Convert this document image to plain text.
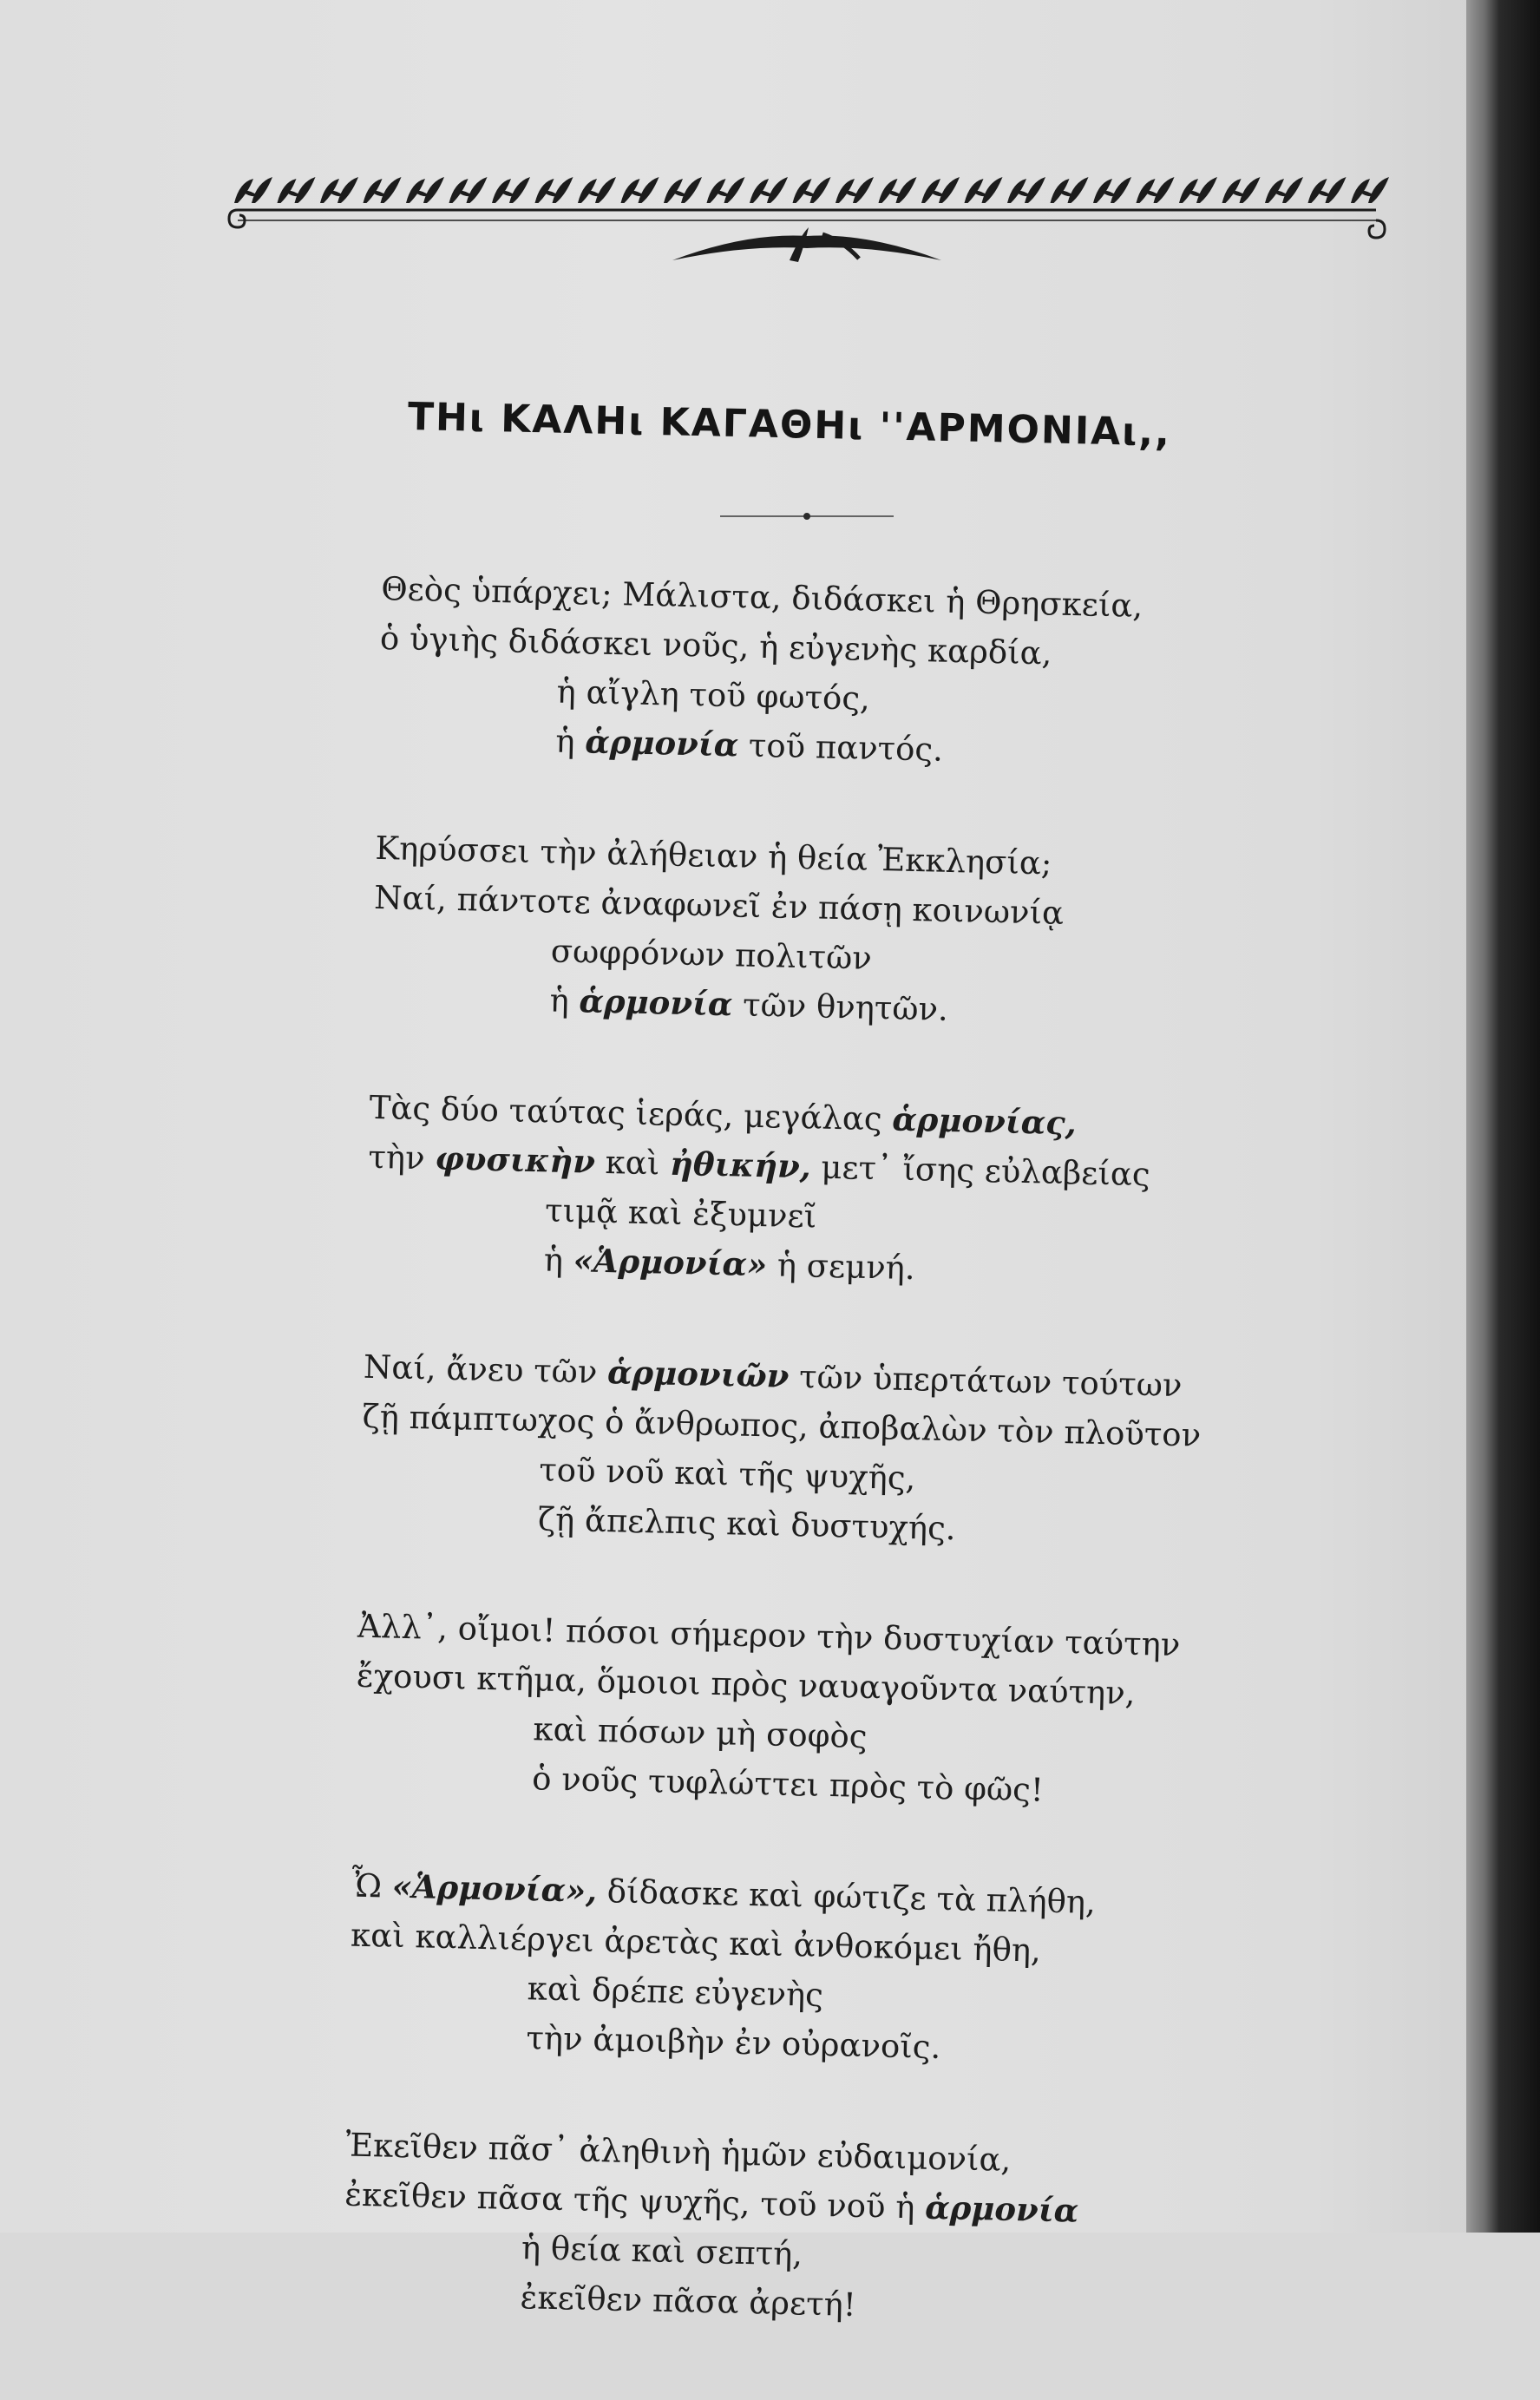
ΤΗι ΚΑΛΗι ΚΑΓΑΘΗι ''ΑΡΜΟΝΙΑι,,
Θεὸς ὑπάρχει; Μάλιστα, διδάσκει ἡ Θρησκεία,
ὁ ὑγιὴς διδάσκει νοῦς, ἡ εὐγενὴς καρδία,
ἡ αἴγλη τοῦ φωτός,
ἡ ἁρμονία τοῦ παντός.
Κηρύσσει τὴν ἀλήθειαν ἡ θεία Ἐκκλησία;
Ναί, πάντοτε ἀναφωνεῖ ἐν πάσῃ κοινωνίᾳ
σωφρόνων πολιτῶν
ἡ ἁρμονία τῶν θνητῶν.
Τὰς δύο ταύτας ἱεράς, μεγάλας ἁρμονίας,
τὴν φυσικὴν καὶ ἠθικήν, μετ᾽ ἴσης εὐλαβείας
τιμᾷ καὶ ἐξυμνεῖ
ἡ «Ἁρμονία» ἡ σεμνή.
Ναί, ἄνευ τῶν ἁρμονιῶν τῶν ὑπερτάτων τούτων
ζῇ πάμπτωχος ὁ ἄνθρωπος, ἀποβαλὼν τὸν πλοῦτον
τοῦ νοῦ καὶ τῆς ψυχῆς,
ζῇ ἄπελπις καὶ δυστυχής.
Ἀλλ᾽, οἴμοι! πόσοι σήμερον τὴν δυστυχίαν ταύτην
ἔχουσι κτῆμα, ὅμοιοι πρὸς ναυαγοῦντα ναύτην,
καὶ πόσων μὴ σοφὸς
ὁ νοῦς τυφλώττει πρὸς τὸ φῶς!
Ὦ «Ἁρμονία», δίδασκε καὶ φώτιζε τὰ πλήθη,
καὶ καλλιέργει ἀρετὰς καὶ ἀνθοκόμει ἤθη,
καὶ δρέπε εὐγενὴς
τὴν ἀμοιβὴν ἐν οὐρανοῖς.
Ἐκεῖθεν πᾶσ᾽ ἀληθινὴ ἡμῶν εὐδαιμονία,
ἐκεῖθεν πᾶσα τῆς ψυχῆς, τοῦ νοῦ ἡ ἁρμονία
ἡ θεία καὶ σεπτή,
ἐκεῖθεν πᾶσα ἀρετή!
